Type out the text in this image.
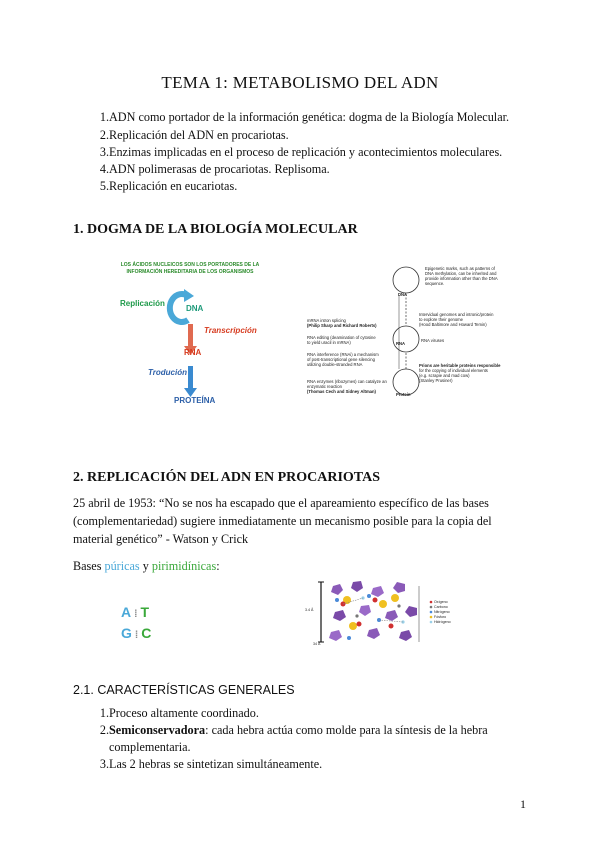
TEMA 1: METABOLISMO DEL ADN
1. ADN como portador de la información genética: dogma de la Biología Molecular.
2. Replicación del ADN en procariotas.
3. Enzimas implicadas en el proceso de replicación y acontecimientos moleculares.
4. ADN polimerasas de procariotas. Replisoma.
5. Replicación en eucariotas.
1. DOGMA DE LA BIOLOGÍA MOLECULAR
LOS ÁCIDOS NUCLEICOS SON LOS PORTADORES DE LA
INFORMACIÓN HEREDITARIA DE LOS ORGANISMOS
Replicación
DNA
Transcripción
RNA
Trodución
PROTEÍNA
DNA
RNA
Protein
Epigenetic marks, such as patterns of
DNA methylation, can be inherited and
provide information other than the DNA
sequence.
Intervidual genomes and intronic/protein
to explore their genome
(Hood Baltimore and Howard Temin)
RNA viruses
Prions are heritable proteins responsible
for the copying of individual elements
(e.g. scrapie and mad cow)
(Stanley Prusiner)
mRNA intron splicing
(Philip Sharp and Richard Roberts)
RNA editing (deamination of cytosine
to yield uracil in mRNA)
RNA interference (RNAi) a mechanism
of post-transcriptional gene silencing
utilizing double-stranded RNA
RNA enzymes (ribozymes) can catalyze an
enzymatic reaction
(Thomas Cech and Sidney Altman)
2. REPLICACIÓN DEL ADN EN PROCARIOTAS

25 abril de 1953: “No se nos ha escapado que el apareamiento específico de las bases (complementariedad) sugiere inmediatamente un mecanismo posible para la copia del material genético” - Watson y Crick

Bases púricas y pirimidínicas:

A ⁞ T
G ⁞ C
3.4 Å
34 Å
Oxígeno
Carbono
Nitrógeno
Fósforo
Hidrógeno
2.1. CARACTERÍSTICAS GENERALES
1. Proceso altamente coordinado.
2. Semiconservadora: cada hebra actúa como molde para la síntesis de la hebra complementaria.
3. Las 2 hebras se sintetizan simultáneamente.
1
